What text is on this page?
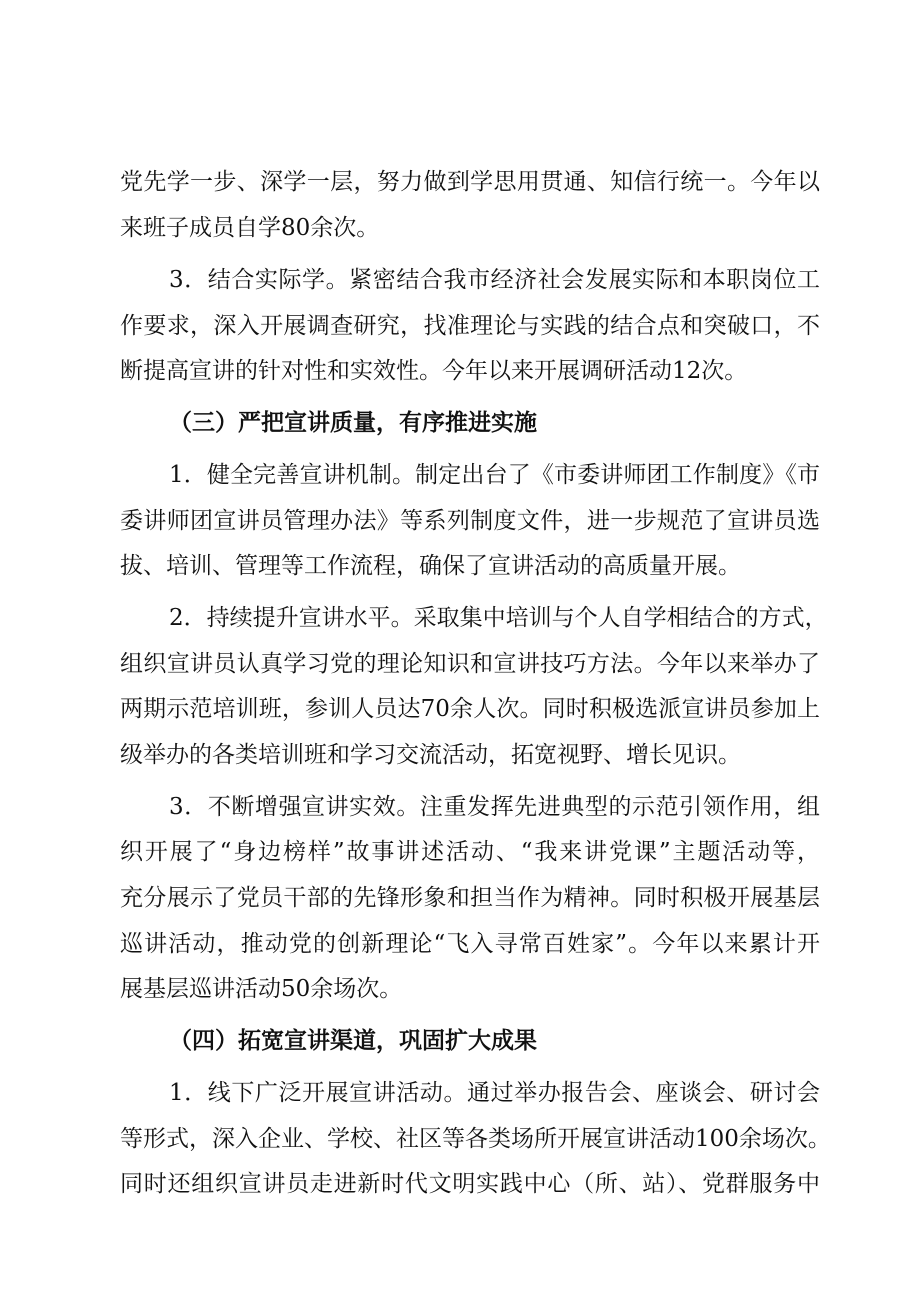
党先学一步、深学一层，努力做到学思用贯通、知信行统一。今年以
来班子成员自学80余次。
3．结合实际学。紧密结合我市经济社会发展实际和本职岗位工
作要求，深入开展调查研究，找准理论与实践的结合点和突破口，不
断提高宣讲的针对性和实效性。今年以来开展调研活动12次。
（三）严把宣讲质量，有序推进实施
1．健全完善宣讲机制。制定出台了《市委讲师团工作制度》《市
委讲师团宣讲员管理办法》等系列制度文件，进一步规范了宣讲员选
拔、培训、管理等工作流程，确保了宣讲活动的高质量开展。
2．持续提升宣讲水平。采取集中培训与个人自学相结合的方式，
组织宣讲员认真学习党的理论知识和宣讲技巧方法。今年以来举办了
两期示范培训班，参训人员达70余人次。同时积极选派宣讲员参加上
级举办的各类培训班和学习交流活动，拓宽视野、增长见识。
3．不断增强宣讲实效。注重发挥先进典型的示范引领作用，组
织开展了“身边榜样”故事讲述活动、“我来讲党课”主题活动等，
充分展示了党员干部的先锋形象和担当作为精神。同时积极开展基层
巡讲活动，推动党的创新理论“飞入寻常百姓家”。今年以来累计开
展基层巡讲活动50余场次。
（四）拓宽宣讲渠道，巩固扩大成果
1．线下广泛开展宣讲活动。通过举办报告会、座谈会、研讨会
等形式，深入企业、学校、社区等各类场所开展宣讲活动100余场次。
同时还组织宣讲员走进新时代文明实践中心（所、站）、党群服务中
